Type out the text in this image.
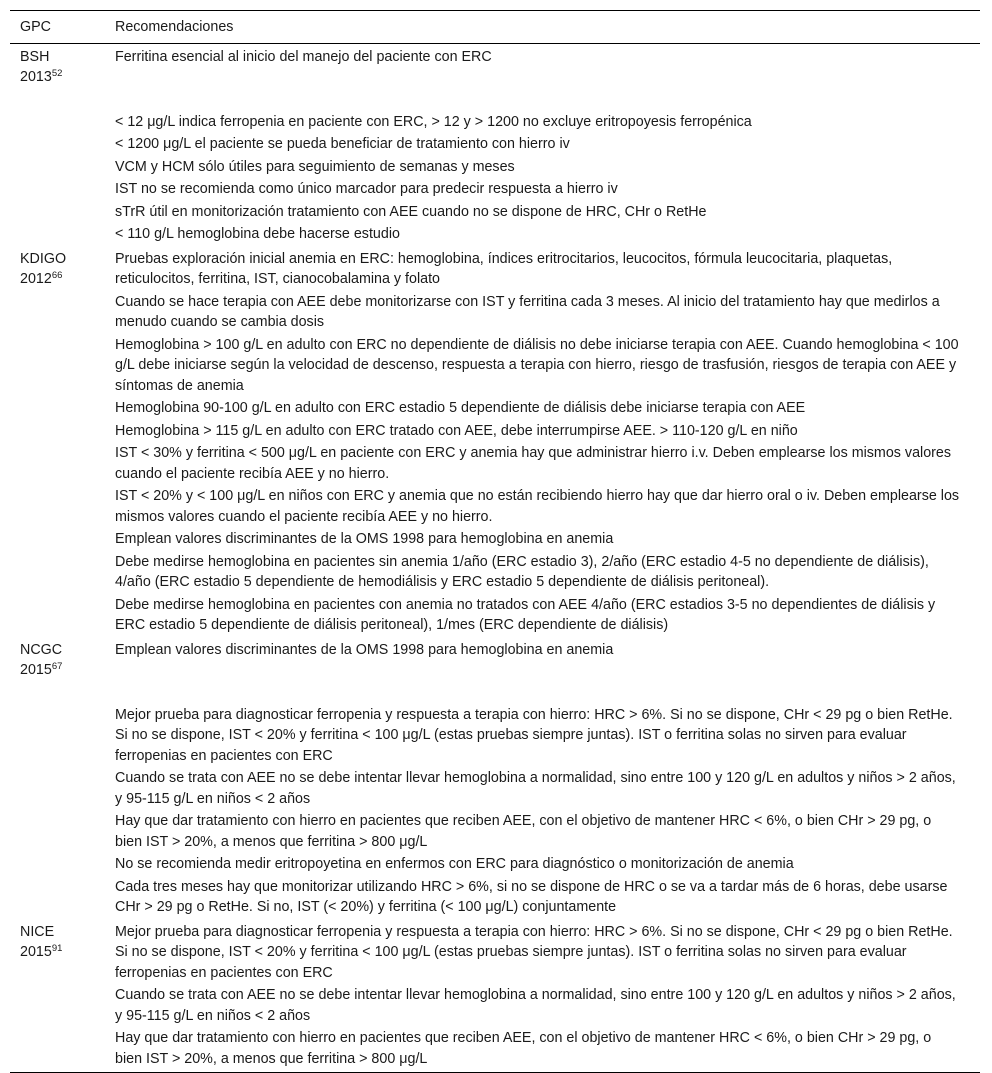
GPC	Recomendaciones

BSH
2013$^{52}$	Ferritina esencial al inicio del manejo del paciente con ERC
	< 12 μg/L indica ferropenia en paciente con ERC, > 12 y > 1200 no excluye eritropoyesis ferropénica
	< 1200 μg/L el paciente se pueda beneficiar de tratamiento con hierro iv
	VCM y HCM sólo útiles para seguimiento de semanas y meses
	IST no se recomienda como único marcador para predecir respuesta a hierro iv
	sTrR útil en monitorización tratamiento con AEE cuando no se dispone de HRC, CHr o RetHe
	< 110 g/L hemoglobina debe hacerse estudio

KDIGO
2012$^{66}$	Pruebas exploración inicial anemia en ERC: hemoglobina, índices eritrocitarios, leucocitos, fórmula leucocitaria, plaquetas, reticulocitos, ferritina, IST, cianocobalamina y folato
	Cuando se hace terapia con AEE debe monitorizarse con IST y ferritina cada 3 meses. Al inicio del tratamiento hay que medirlos a menudo cuando se cambia dosis
	Hemoglobina > 100 g/L en adulto con ERC no dependiente de diálisis no debe iniciarse terapia con AEE. Cuando hemoglobina < 100 g/L debe iniciarse según la velocidad de descenso, respuesta a terapia con hierro, riesgo de trasfusión, riesgos de terapia con AEE y síntomas de anemia
	Hemoglobina 90-100 g/L en adulto con ERC estadio 5 dependiente de diálisis debe iniciarse terapia con AEE
	Hemoglobina > 115 g/L en adulto con ERC tratado con AEE, debe interrumpirse AEE. > 110-120 g/L en niño
	IST < 30% y ferritina < 500 μg/L en paciente con ERC y anemia hay que administrar hierro i.v. Deben emplearse los mismos valores cuando el paciente recibía AEE y no hierro.
	IST < 20% y < 100 μg/L en niños con ERC y anemia que no están recibiendo hierro hay que dar hierro oral o iv. Deben emplearse los mismos valores cuando el paciente recibía AEE y no hierro.
	Emplean valores discriminantes de la OMS 1998 para hemoglobina en anemia
	Debe medirse hemoglobina en pacientes sin anemia 1/año (ERC estadio 3), 2/año (ERC estadio 4-5 no dependiente de diálisis), 4/año (ERC estadio 5 dependiente de hemodiálisis y ERC estadio 5 dependiente de diálisis peritoneal).
	Debe medirse hemoglobina en pacientes con anemia no tratados con AEE 4/año (ERC estadios 3-5 no dependientes de diálisis y ERC estadio 5 dependiente de diálisis peritoneal), 1/mes (ERC dependiente de diálisis)

NCGC
2015$^{67}$	Emplean valores discriminantes de la OMS 1998 para hemoglobina en anemia
	Mejor prueba para diagnosticar ferropenia y respuesta a terapia con hierro: HRC > 6%. Si no se dispone, CHr < 29 pg o bien RetHe. Si no se dispone, IST < 20% y ferritina < 100 μg/L (estas pruebas siempre juntas). IST o ferritina solas no sirven para evaluar ferropenias en pacientes con ERC
	Cuando se trata con AEE no se debe intentar llevar hemoglobina a normalidad, sino entre 100 y 120 g/L en adultos y niños > 2 años, y 95-115 g/L en niños < 2 años
	Hay que dar tratamiento con hierro en pacientes que reciben AEE, con el objetivo de mantener HRC < 6%, o bien CHr > 29 pg, o bien IST > 20%, a menos que ferritina > 800 μg/L
	No se recomienda medir eritropoyetina en enfermos con ERC para diagnóstico o monitorización de anemia
	Cada tres meses hay que monitorizar utilizando HRC > 6%, si no se dispone de HRC o se va a tardar más de 6 horas, debe usarse CHr > 29 pg o RetHe. Si no, IST (< 20%) y ferritina (< 100 μg/L) conjuntamente

NICE
2015$^{91}$	Mejor prueba para diagnosticar ferropenia y respuesta a terapia con hierro: HRC > 6%. Si no se dispone, CHr < 29 pg o bien RetHe. Si no se dispone, IST < 20% y ferritina < 100 μg/L (estas pruebas siempre juntas). IST o ferritina solas no sirven para evaluar ferropenias en pacientes con ERC
	Cuando se trata con AEE no se debe intentar llevar hemoglobina a normalidad, sino entre 100 y 120 g/L en adultos y niños > 2 años, y 95-115 g/L en niños < 2 años
	Hay que dar tratamiento con hierro en pacientes que reciben AEE, con el objetivo de mantener HRC < 6%, o bien CHr > 29 pg, o bien IST > 20%, a menos que ferritina > 800 μg/L
